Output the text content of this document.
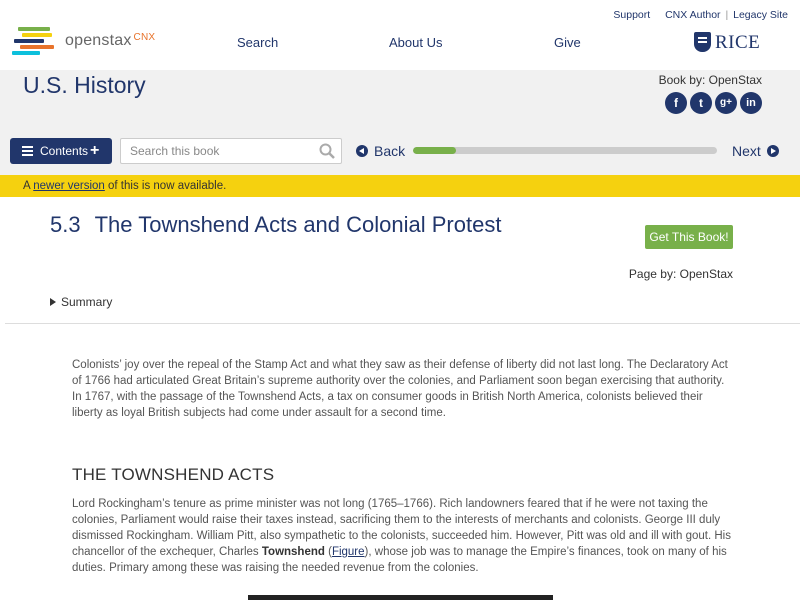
openstax $^{CNX}$
Support CNX Author | Legacy Site
Search	About Us	Give	RICE
U.S. History	Book by: OpenStax
f	t	g+	in
Contents +
Search this book	Back	Next
A newer version of this is now available.
5.3 The Townshend Acts and Colonial Protest	Get This Book!
Page by: OpenStax
Summary

Colonists’ joy over the repeal of the Stamp Act and what they saw as their defense of liberty did not last long. The Declaratory Act of 1766 had articulated Great Britain’s supreme authority over the colonies, and Parliament soon began exercising that authority. In 1767, with the passage of the Townshend Acts, a tax on consumer goods in British North America, colonists believed their liberty as loyal British subjects had come under assault for a second time.

THE TOWNSHEND ACTS

Lord Rockingham’s tenure as prime minister was not long (1765–1766). Rich landowners feared that if he were not taxing the colonies, Parliament would raise their taxes instead, sacrificing them to the interests of merchants and colonists. George III duly dismissed Rockingham. William Pitt, also sympathetic to the colonists, succeeded him. However, Pitt was old and ill with gout. His chancellor of the exchequer, Charles Townshend (Figure), whose job was to manage the Empire’s finances, took on many of his duties. Primary among these was raising the needed revenue from the colonies.
